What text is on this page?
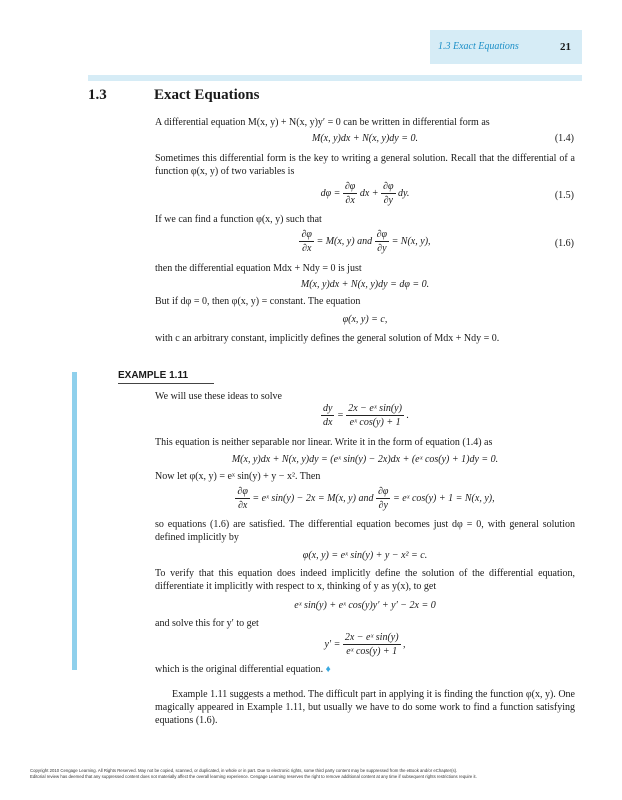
1.3 Exact Equations	21
1.3	Exact Equations
A differential equation M(x, y) + N(x, y)y′ = 0 can be written in differential form as
M(x, y)dx + N(x, y)dy = 0.	(1.4)
Sometimes this differential form is the key to writing a general solution. Recall that the differential of a function φ(x, y) of two variables is
$d\varphi = \frac{\partial\varphi}{\partial x}$ dx + $\frac{\partial\varphi}{\partial y}$ dy.	(1.5)
If we can find a function φ(x, y) such that
$\frac{\partial\varphi}{\partial x} = M(x$, y) and $\frac{\partial\varphi}{\partial y} = N(x$, y),	(1.6)
then the differential equation Mdx + Ndy = 0 is just
M(x, y)dx + N(x, y)dy = dφ = 0.
But if dφ = 0, then φ(x, y) = constant. The equation
φ(x, y) = c,
with c an arbitrary constant, implicitly defines the general solution of Mdx + Ndy = 0.
EXAMPLE 1.11
We will use these ideas to solve
$\frac{dy}{dx} = \frac{\text{2x − eˣ sin(y)}}{\text{eˣ cos(y) + 1}}$ .
This equation is neither separable nor linear. Write it in the form of equation (1.4) as
M(x, y)dx + N(x, y)dy = (eˣ sin(y) − 2x)dx + (eˣ cos(y) + 1)dy = 0.
Now let φ(x, y) = eˣ sin(y) + y − x². Then
$\frac{\partial\varphi}{\partial x}$ = eˣ sin(y) − 2x = M(x, y) and $\frac{\partial\varphi}{\partial y}$ = eˣ cos(y) + 1 = N(x, y),
so equations (1.6) are satisfied. The differential equation becomes just dφ = 0, with general solution defined implicitly by
φ(x, y) = eˣ sin(y) + y − x² = c.
To verify that this equation does indeed implicitly define the solution of the differential equation, differentiate it implicitly with respect to x, thinking of y as y(x), to get
eˣ sin(y) + eˣ cos(y)y′ + y′ − 2x = 0
and solve this for y′ to get
$y' = \frac{\text{2x − eˣ sin(y)}}{\text{eˣ cos(y) + 1}}$ ,
which is the original differential equation. ♦
Example 1.11 suggests a method. The difficult part in applying it is finding the function φ(x, y). One magically appeared in Example 1.11, but usually we have to do some work to find a function satisfying equations (1.6).
Copyright 2010 Cengage Learning. All Rights Reserved. May not be copied, scanned, or duplicated, in whole or in part. Due to electronic rights, some third party content may be suppressed from the eBook and/or eChapter(s).
Editorial review has deemed that any suppressed content does not materially affect the overall learning experience. Cengage Learning reserves the right to remove additional content at any time if subsequent rights restrictions require it.
